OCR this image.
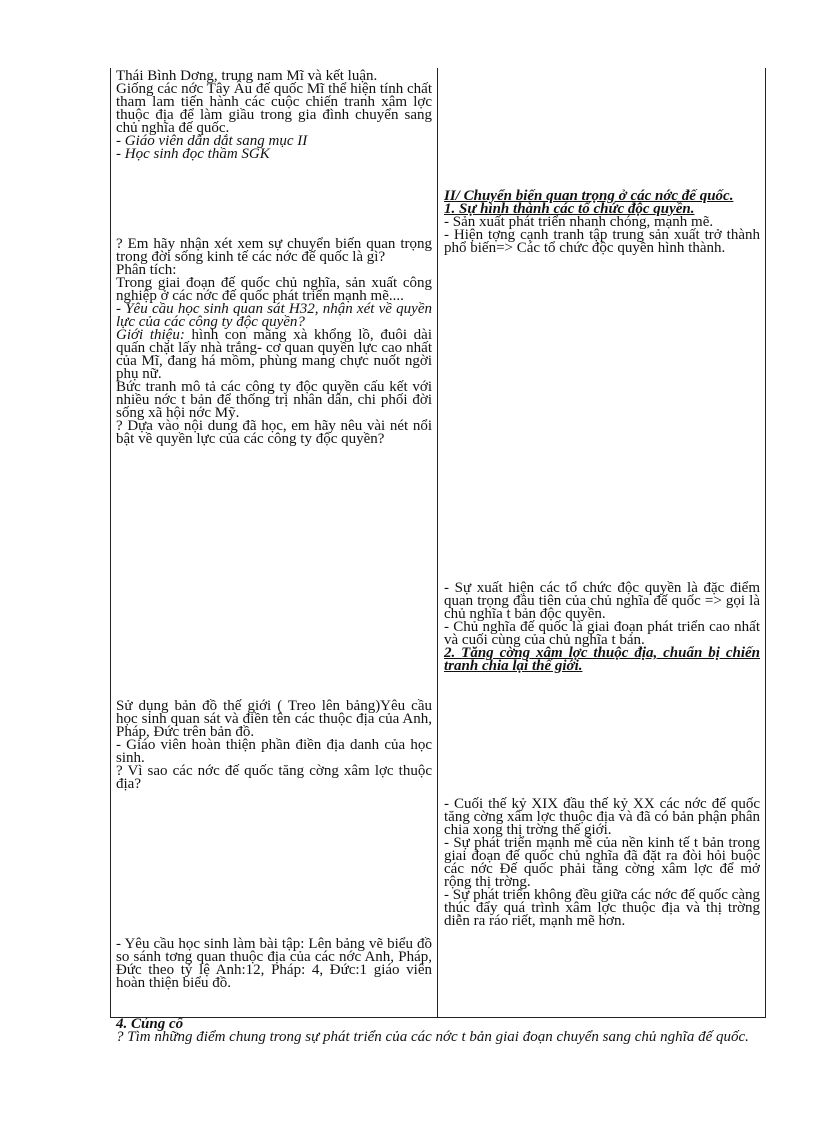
Thái Bình Dơng, trung nam Mĩ và kết luận.

Giống các nớc Tây Âu đế quốc Mĩ thể hiện tính chất tham lam tiến hành các cuộc chiến tranh xâm lợc thuộc địa để làm giầu trong gia đình chuyển sang chủ nghĩa đế quốc.

- Giáo viên dẫn dắt sang mục II

- Học sinh đọc thầm SGK

? Em hãy nhận xét xem sự chuyển biến quan trọng trong đời sống kinh tế các nớc đế quốc là gì?

Phân tích:

Trong giai đoạn đế quốc chủ nghĩa, sản xuất công nghiệp ở các nớc đế quốc phát triển mạnh mẽ....

- Yêu cầu học sinh quan sát H32, nhận xét về quyền lực của các công ty độc quyền?

Giới thiệu: hình con mãng xà khổng lồ, đuôi dài quấn chặt lấy nhà trắng- cơ quan quyền lực cao nhất của Mĩ, đang há mồm, phùng mang chực nuốt ngời phụ nữ.

Bức tranh mô tả các công ty độc quyền cấu kết với nhiều nớc t bản để thống trị nhân dân, chi phối đời sống xã hội nớc Mỹ.

? Dựa vào nội dung đã học, em hãy nêu vài nét nổi bật về quyền lực của các công ty độc quyền?

Sử dụng bản đồ thế giới ( Treo lên bảng)Yêu cầu học sinh quan sát và điền tên các thuộc địa của Anh, Pháp, Đức trên bản đồ.

- Giáo viên hoàn thiện phần điền địa danh của học sinh.

? Vì sao các nớc đế quốc tăng cờng xâm lợc thuộc địa?

- Yêu cầu học sinh làm bài tập: Lên bảng vẽ biểu đồ so sánh tơng quan thuộc địa của các nớc Anh, Pháp, Đức theo tỷ lệ Anh:12, Pháp: 4, Đức:1 giáo viên hoàn thiện biểu đồ.

II/ Chuyển biến quan trọng ở các nớc đế quốc.

1. Sự hình thành các tổ chức độc quyền.

- Sản xuất phát triển nhanh chóng, mạnh mẽ.

- Hiện tợng cạnh tranh tập trung sản xuất trở thành phổ biến=> Các tổ chức độc quyền hình thành.

- Sự xuất hiện các tổ chức độc quyền là đặc điểm quan trọng đầu tiên của chủ nghĩa đế quốc => gọi là chủ nghĩa t bản độc quyền.

- Chủ nghĩa đế quốc là giai đoạn phát triển cao nhất và cuối cùng của chủ nghĩa t bản.

2. Tăng cờng xâm lợc thuộc địa, chuẩn bị chiến tranh chia lại thế giới.

- Cuối thế kỷ XIX đầu thế kỷ XX các nớc đế quốc tăng cờng xâm lợc thuộc địa và đã có bản phận phân chia xong thị trờng thế giới.

- Sự phát triển mạnh mẽ của nền kinh tế t bản trong giai đoạn đế quốc chủ nghĩa đã đặt ra đòi hỏi buộc các nớc Đế quốc phải tăng cờng xâm lợc để mở rộng thị trờng.

- Sự phát triển không đều giữa các nớc đế quốc càng thúc đẩy quá trình xâm lợc thuộc địa và thị trờng diễn ra ráo riết, mạnh mẽ hơn.

4. Củng cố

? Tìm những điểm chung trong sự phát triển của các nớc t bản giai đoạn chuyển sang chủ nghĩa đế quốc.
